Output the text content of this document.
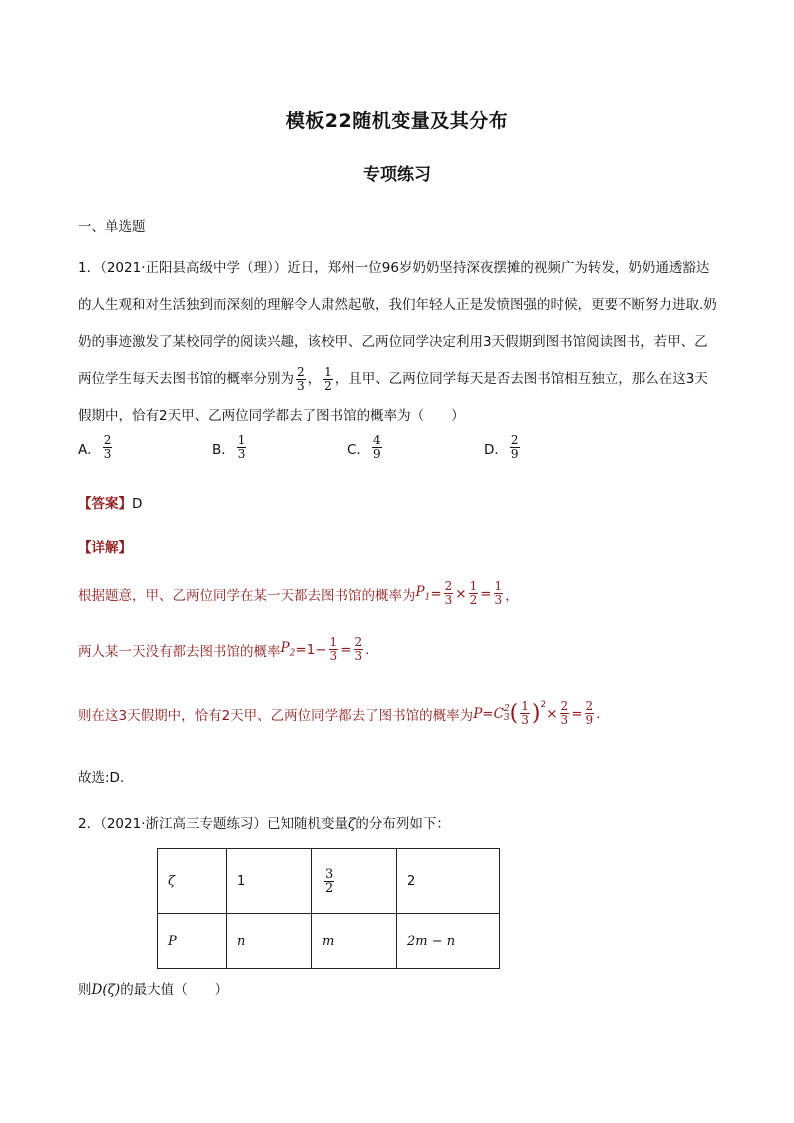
模板22随机变量及其分布
专项练习
一、单选题
1．（2021·正阳县高级中学（理））近日，郑州一位96岁奶奶坚持深夜摆摊的视频广为转发，奶奶通透豁达的人生观和对生活独到而深刻的理解令人肃然起敬，我们年轻人正是发愤图强的时候，更要不断努力进取.奶奶的事迹激发了某校同学的阅读兴趣，该校甲、乙两位同学决定利用3天假期到图书馆阅读图书，若甲、乙两位学生每天去图书馆的概率分别为 $\frac{2}{3}$ ， $\frac{1}{2}$ ，且甲、乙两位同学每天是否去图书馆相互独立，那么在这3天假期中，恰有2天甲、乙两位同学都去了图书馆的概率为（　　）
A． $\frac{2}{3}$	B． $\frac{1}{3}$	C． $\frac{4}{9}$	D． $\frac{2}{9}$
【答案】D
【详解】
根据题意，甲、乙两位同学在某一天都去图书馆的概率为 $P_1 = \frac{2}{3} \times \frac{1}{2} = \frac{1}{3}$ ，
两人某一天没有都去图书馆的概率 $P_2 =1- \frac{1}{3} = \frac{2}{3}$ .
则在这3天假期中，恰有2天甲、乙两位同学都去了图书馆的概率为 P = C 2
3 ( $\frac{1}{3} )^2$
× $\frac{2}{3} = \frac{2}{9}$ .
故选:D.
2．（2021·浙江高三专题练习）已知随机变量ζ的分布列如下：
ζ	1	$\frac{3}{2}$	2
P	n	m	2m − n
则D(ζ)的最大值（　　）
